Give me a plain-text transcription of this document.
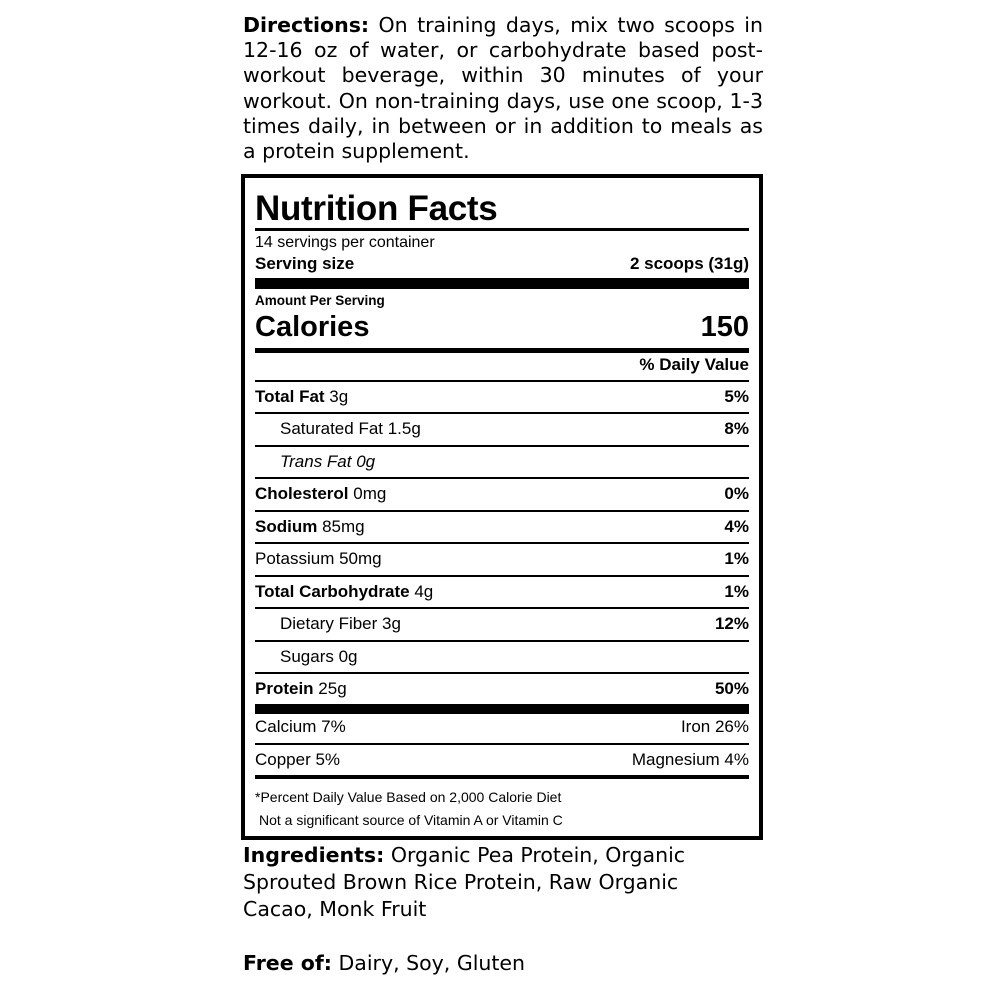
Directions: On training days, mix two scoops in 12-16 oz of water, or carbohydrate based post-workout beverage, within 30 minutes of your workout. On non-training days, use one scoop, 1-3 times daily, in between or in addition to meals as a protein supplement.
Nutrition Facts
14 servings per container
Serving size	2 scoops (31g)
Amount Per Serving
Calories	150
% Daily Value
Total Fat 3g	5%
Saturated Fat 1.5g	8%
Trans Fat 0g
Cholesterol 0mg	0%
Sodium 85mg	4%
Potassium 50mg	1%
Total Carbohydrate 4g	1%
Dietary Fiber 3g	12%
Sugars 0g
Protein 25g	50%
Calcium 7%	Iron 26%
Copper 5%	Magnesium 4%
*Percent Daily Value Based on 2,000 Calorie Diet
Not a significant source of Vitamin A or Vitamin C
Ingredients: Organic Pea Protein, Organic
Sprouted Brown Rice Protein, Raw Organic
Cacao, Monk Fruit
Free of: Dairy, Soy, Gluten
